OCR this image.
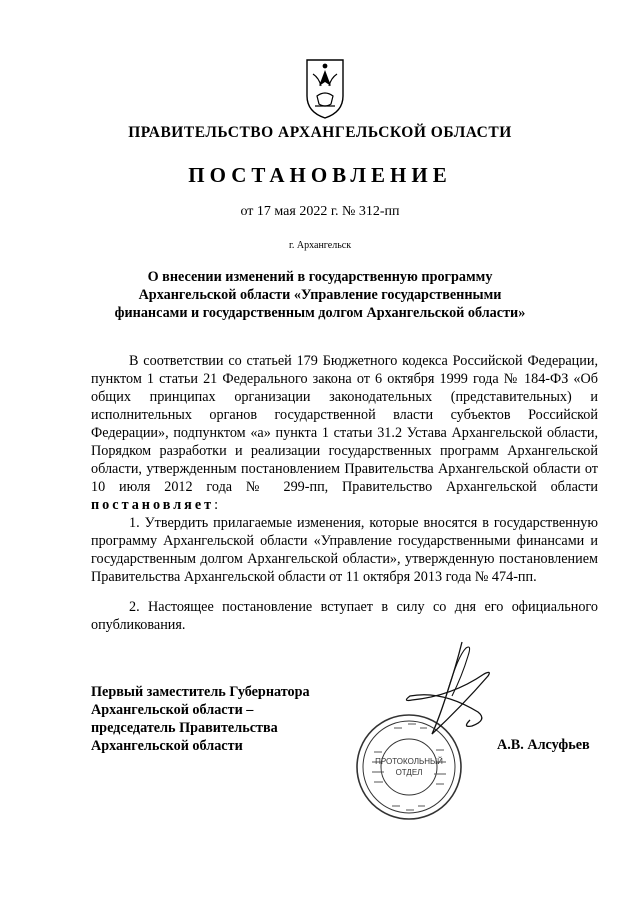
ПРАВИТЕЛЬСТВО АРХАНГЕЛЬСКОЙ ОБЛАСТИ
ПОСТАНОВЛЕНИЕ
от 17 мая 2022 г. № 312-пп
г. Архангельск
О внесении изменений в государственную программу
Архангельской области «Управление государственными
финансами и государственным долгом Архангельской области»
В соответствии со статьей 179 Бюджетного кодекса Российской Федерации, пунктом 1 статьи 21 Федерального закона от 6 октября 1999 года № 184-ФЗ «Об общих принципах организации законодательных (представительных) и исполнительных органов государственной власти субъектов Российской Федерации», подпунктом «а» пункта 1 статьи 31.2 Устава Архангельской области, Порядком разработки и реализации государственных программ Архангельской области, утвержденным постановлением Правительства Архангельской области от 10 июля 2012 года № 299-пп, Правительство Архангельской области постановляет:
1. Утвердить прилагаемые изменения, которые вносятся в государственную программу Архангельской области «Управление государственными финансами и государственным долгом Архангельской области», утвержденную постановлением Правительства Архангельской области от 11 октября 2013 года № 474-пп.
2. Настоящее постановление вступает в силу со дня его официального опубликования.
Первый заместитель Губернатора
Архангельской области –
председатель Правительства
Архангельской области
ПРОТОКОЛЬНЫЙ
ОТДЕЛ
А.В. Алсуфьев
